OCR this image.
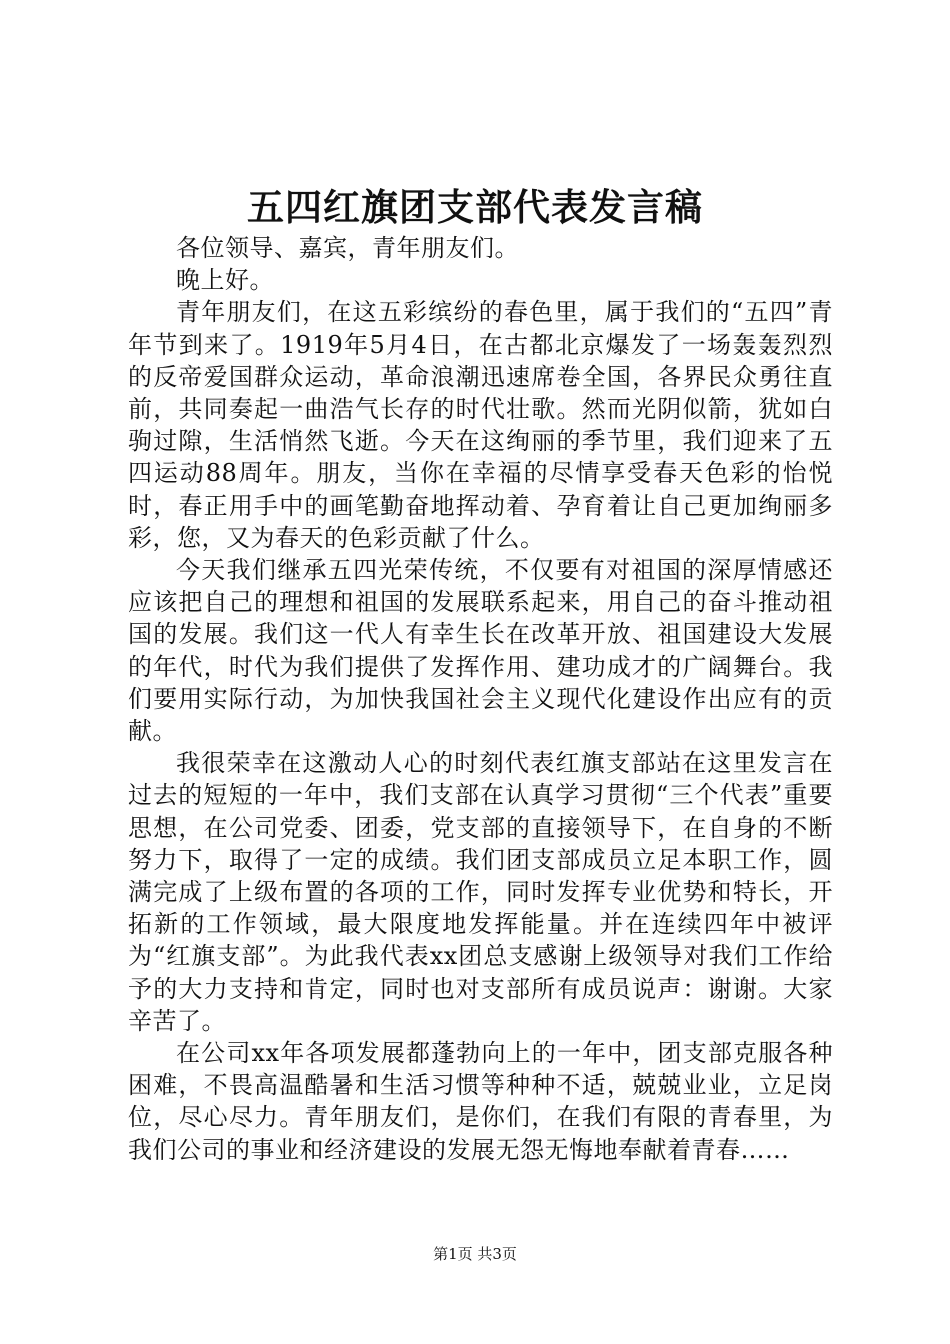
五四红旗团支部代表发言稿

各位领导、嘉宾，青年朋友们。

晚上好。

青年朋友们，在这五彩缤纷的春色里，属于我们的“五四”青年节到来了。1919年5月4日，在古都北京爆发了一场轰轰烈烈的反帝爱国群众运动，革命浪潮迅速席卷全国，各界民众勇往直前，共同奏起一曲浩气长存的时代壮歌。然而光阴似箭，犹如白驹过隙，生活悄然飞逝。今天在这绚丽的季节里，我们迎来了五四运动88周年。朋友，当你在幸福的尽情享受春天色彩的怡悦时，春正用手中的画笔勤奋地挥动着、孕育着让自己更加绚丽多彩，您，又为春天的色彩贡献了什么。

今天我们继承五四光荣传统，不仅要有对祖国的深厚情感还应该把自己的理想和祖国的发展联系起来，用自己的奋斗推动祖国的发展。我们这一代人有幸生长在改革开放、祖国建设大发展的年代，时代为我们提供了发挥作用、建功成才的广阔舞台。我们要用实际行动，为加快我国社会主义现代化建设作出应有的贡献。

我很荣幸在这激动人心的时刻代表红旗支部站在这里发言在过去的短短的一年中，我们支部在认真学习贯彻“三个代表”重要思想，在公司党委、团委，党支部的直接领导下，在自身的不断努力下，取得了一定的成绩。我们团支部成员立足本职工作，圆满完成了上级布置的各项的工作，同时发挥专业优势和特长，开拓新的工作领域，最大限度地发挥能量。并在连续四年中被评为“红旗支部”。为此我代表xx团总支感谢上级领导对我们工作给予的大力支持和肯定，同时也对支部所有成员说声：谢谢。大家辛苦了。

在公司xx年各项发展都蓬勃向上的一年中，团支部克服各种困难，不畏高温酷暑和生活习惯等种种不适，兢兢业业，立足岗位，尽心尽力。青年朋友们，是你们，在我们有限的青春里，为我们公司的事业和经济建设的发展无怨无悔地奉献着青春……

第1页 共3页
